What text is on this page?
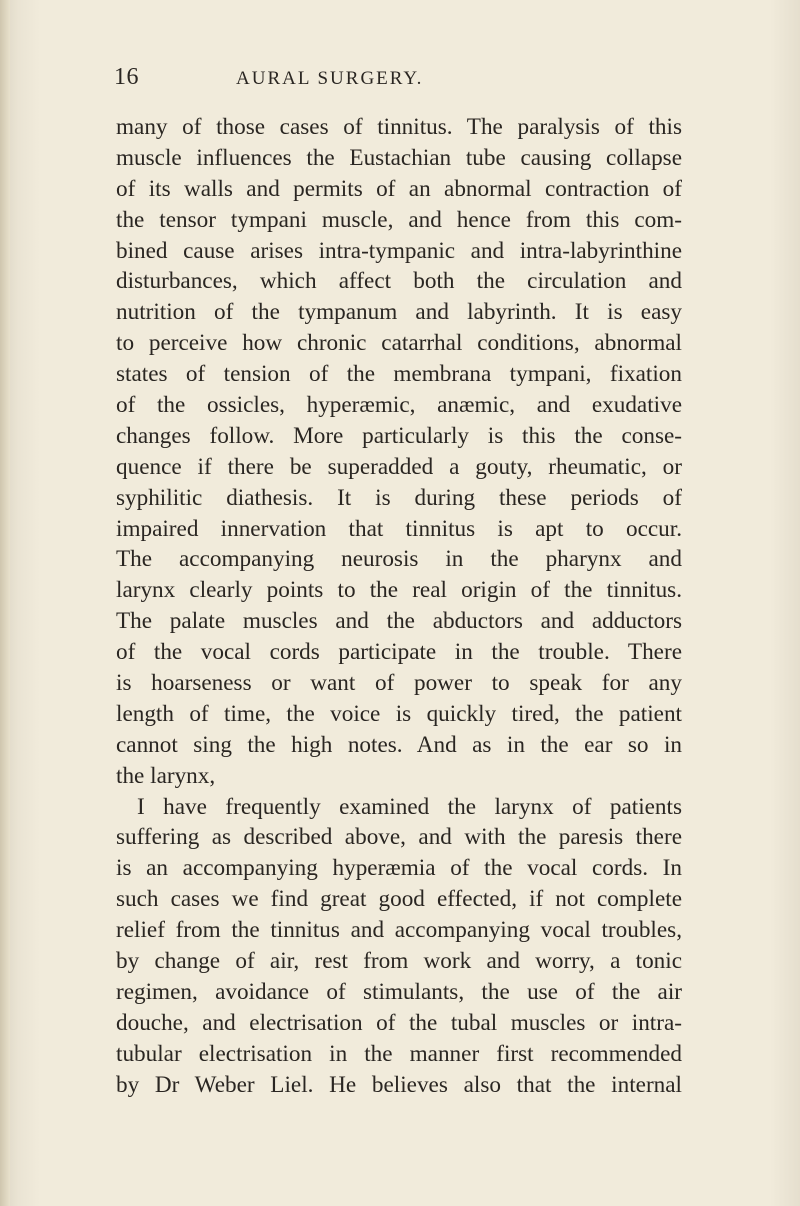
16	AURAL SURGERY.
many of those cases of tinnitus. The paralysis of this
muscle influences the Eustachian tube causing collapse
of its walls and permits of an abnormal contraction of
the tensor tympani muscle, and hence from this com-
bined cause arises intra-tympanic and intra-labyrinthine
disturbances, which affect both the circulation and
nutrition of the tympanum and labyrinth. It is easy
to perceive how chronic catarrhal conditions, abnormal
states of tension of the membrana tympani, fixation
of the ossicles, hyperæmic, anæmic, and exudative
changes follow. More particularly is this the conse-
quence if there be superadded a gouty, rheumatic, or
syphilitic diathesis. It is during these periods of
impaired innervation that tinnitus is apt to occur.
The accompanying neurosis in the pharynx and
larynx clearly points to the real origin of the tinnitus.
The palate muscles and the abductors and adductors
of the vocal cords participate in the trouble. There
is hoarseness or want of power to speak for any
length of time, the voice is quickly tired, the patient
cannot sing the high notes. And as in the ear so in
the larynx,
I have frequently examined the larynx of patients
suffering as described above, and with the paresis there
is an accompanying hyperæmia of the vocal cords. In
such cases we find great good effected, if not complete
relief from the tinnitus and accompanying vocal troubles,
by change of air, rest from work and worry, a tonic
regimen, avoidance of stimulants, the use of the air
douche, and electrisation of the tubal muscles or intra-
tubular electrisation in the manner first recommended
by Dr Weber Liel. He believes also that the internal
